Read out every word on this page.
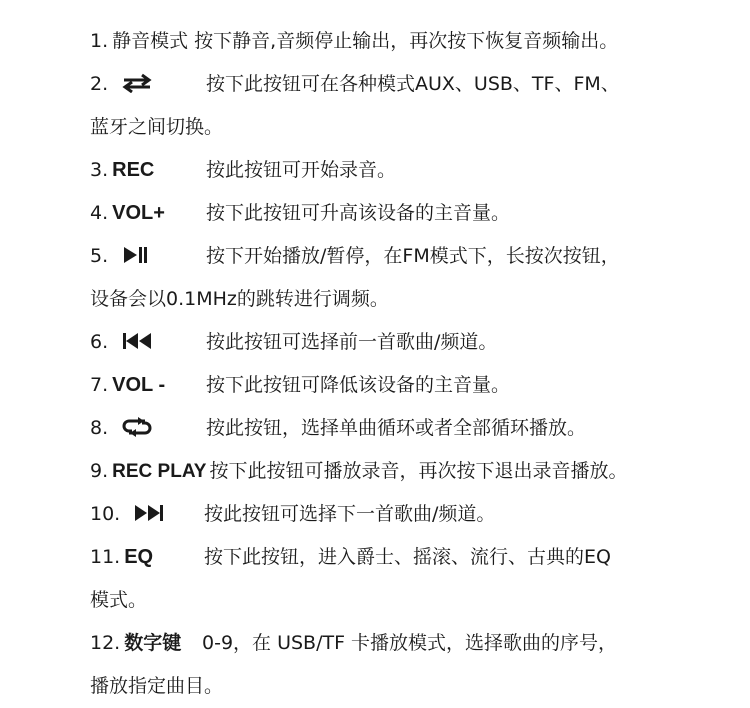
1. 静音模式 按下静音,音频停止输出，再次按下恢复音频输出。
2.	按下此按钮可在各种模式AUX、USB、TF、FM、
蓝牙之间切换。
3. REC	按此按钮可开始录音。
4. VOL+ 按下此按钮可升高该设备的主音量。
5.	按下开始播放/暂停，在FM模式下，长按次按钮，
设备会以0.1MHz的跳转进行调频。
6.	按此按钮可选择前一首歌曲/频道。
7. VOL - 按下此按钮可降低该设备的主音量。
8.	按此按钮，选择单曲循环或者全部循环播放。
9. REC PLAY 按下此按钮可播放录音，再次按下退出录音播放。
10.	按此按钮可选择下一首歌曲/频道。
11. EQ	按下此按钮，进入爵士、摇滚、流行、古典的EQ
模式。
12. 数字键 0-9，在 USB/TF 卡播放模式，选择歌曲的序号，
播放指定曲目。
